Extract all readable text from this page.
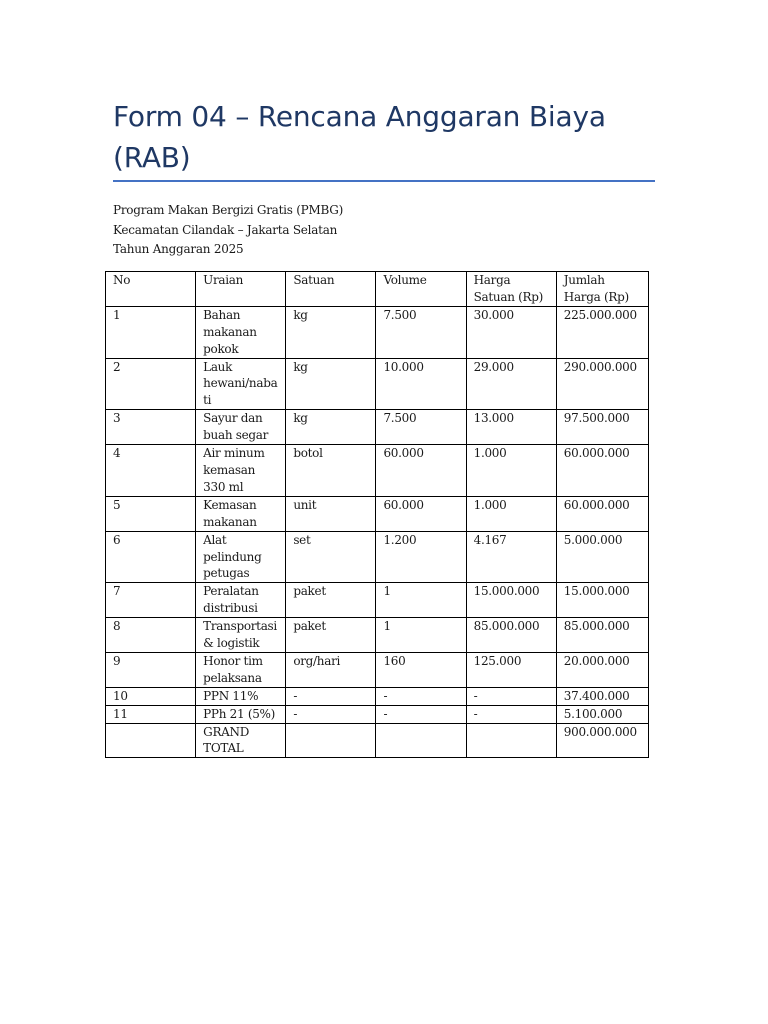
Form 04 – Rencana Anggaran Biaya (RAB)
Program Makan Bergizi Gratis (PMBG)
Kecamatan Cilandak – Jakarta Selatan
Tahun Anggaran 2025
No	Uraian	Satuan	Volume	Harga Satuan (Rp)	Jumlah Harga (Rp)
1	Bahan makanan pokok	kg	7.500	30.000	225.000.000
2	Lauk hewani/nabati	kg	10.000	29.000	290.000.000
3	Sayur dan buah segar	kg	7.500	13.000	97.500.000
4	Air minum kemasan 330 ml	botol	60.000	1.000	60.000.000
5	Kemasan makanan	unit	60.000	1.000	60.000.000
6	Alat pelindung petugas	set	1.200	4.167	5.000.000
7	Peralatan distribusi	paket	1	15.000.000	15.000.000
8	Transportasi & logistik	paket	1	85.000.000	85.000.000
9	Honor tim pelaksana	org/hari	160	125.000	20.000.000
10	PPN 11%	-	-	-	37.400.000
11	PPh 21 (5%)	-	-	-	5.100.000
	GRAND TOTAL				900.000.000
